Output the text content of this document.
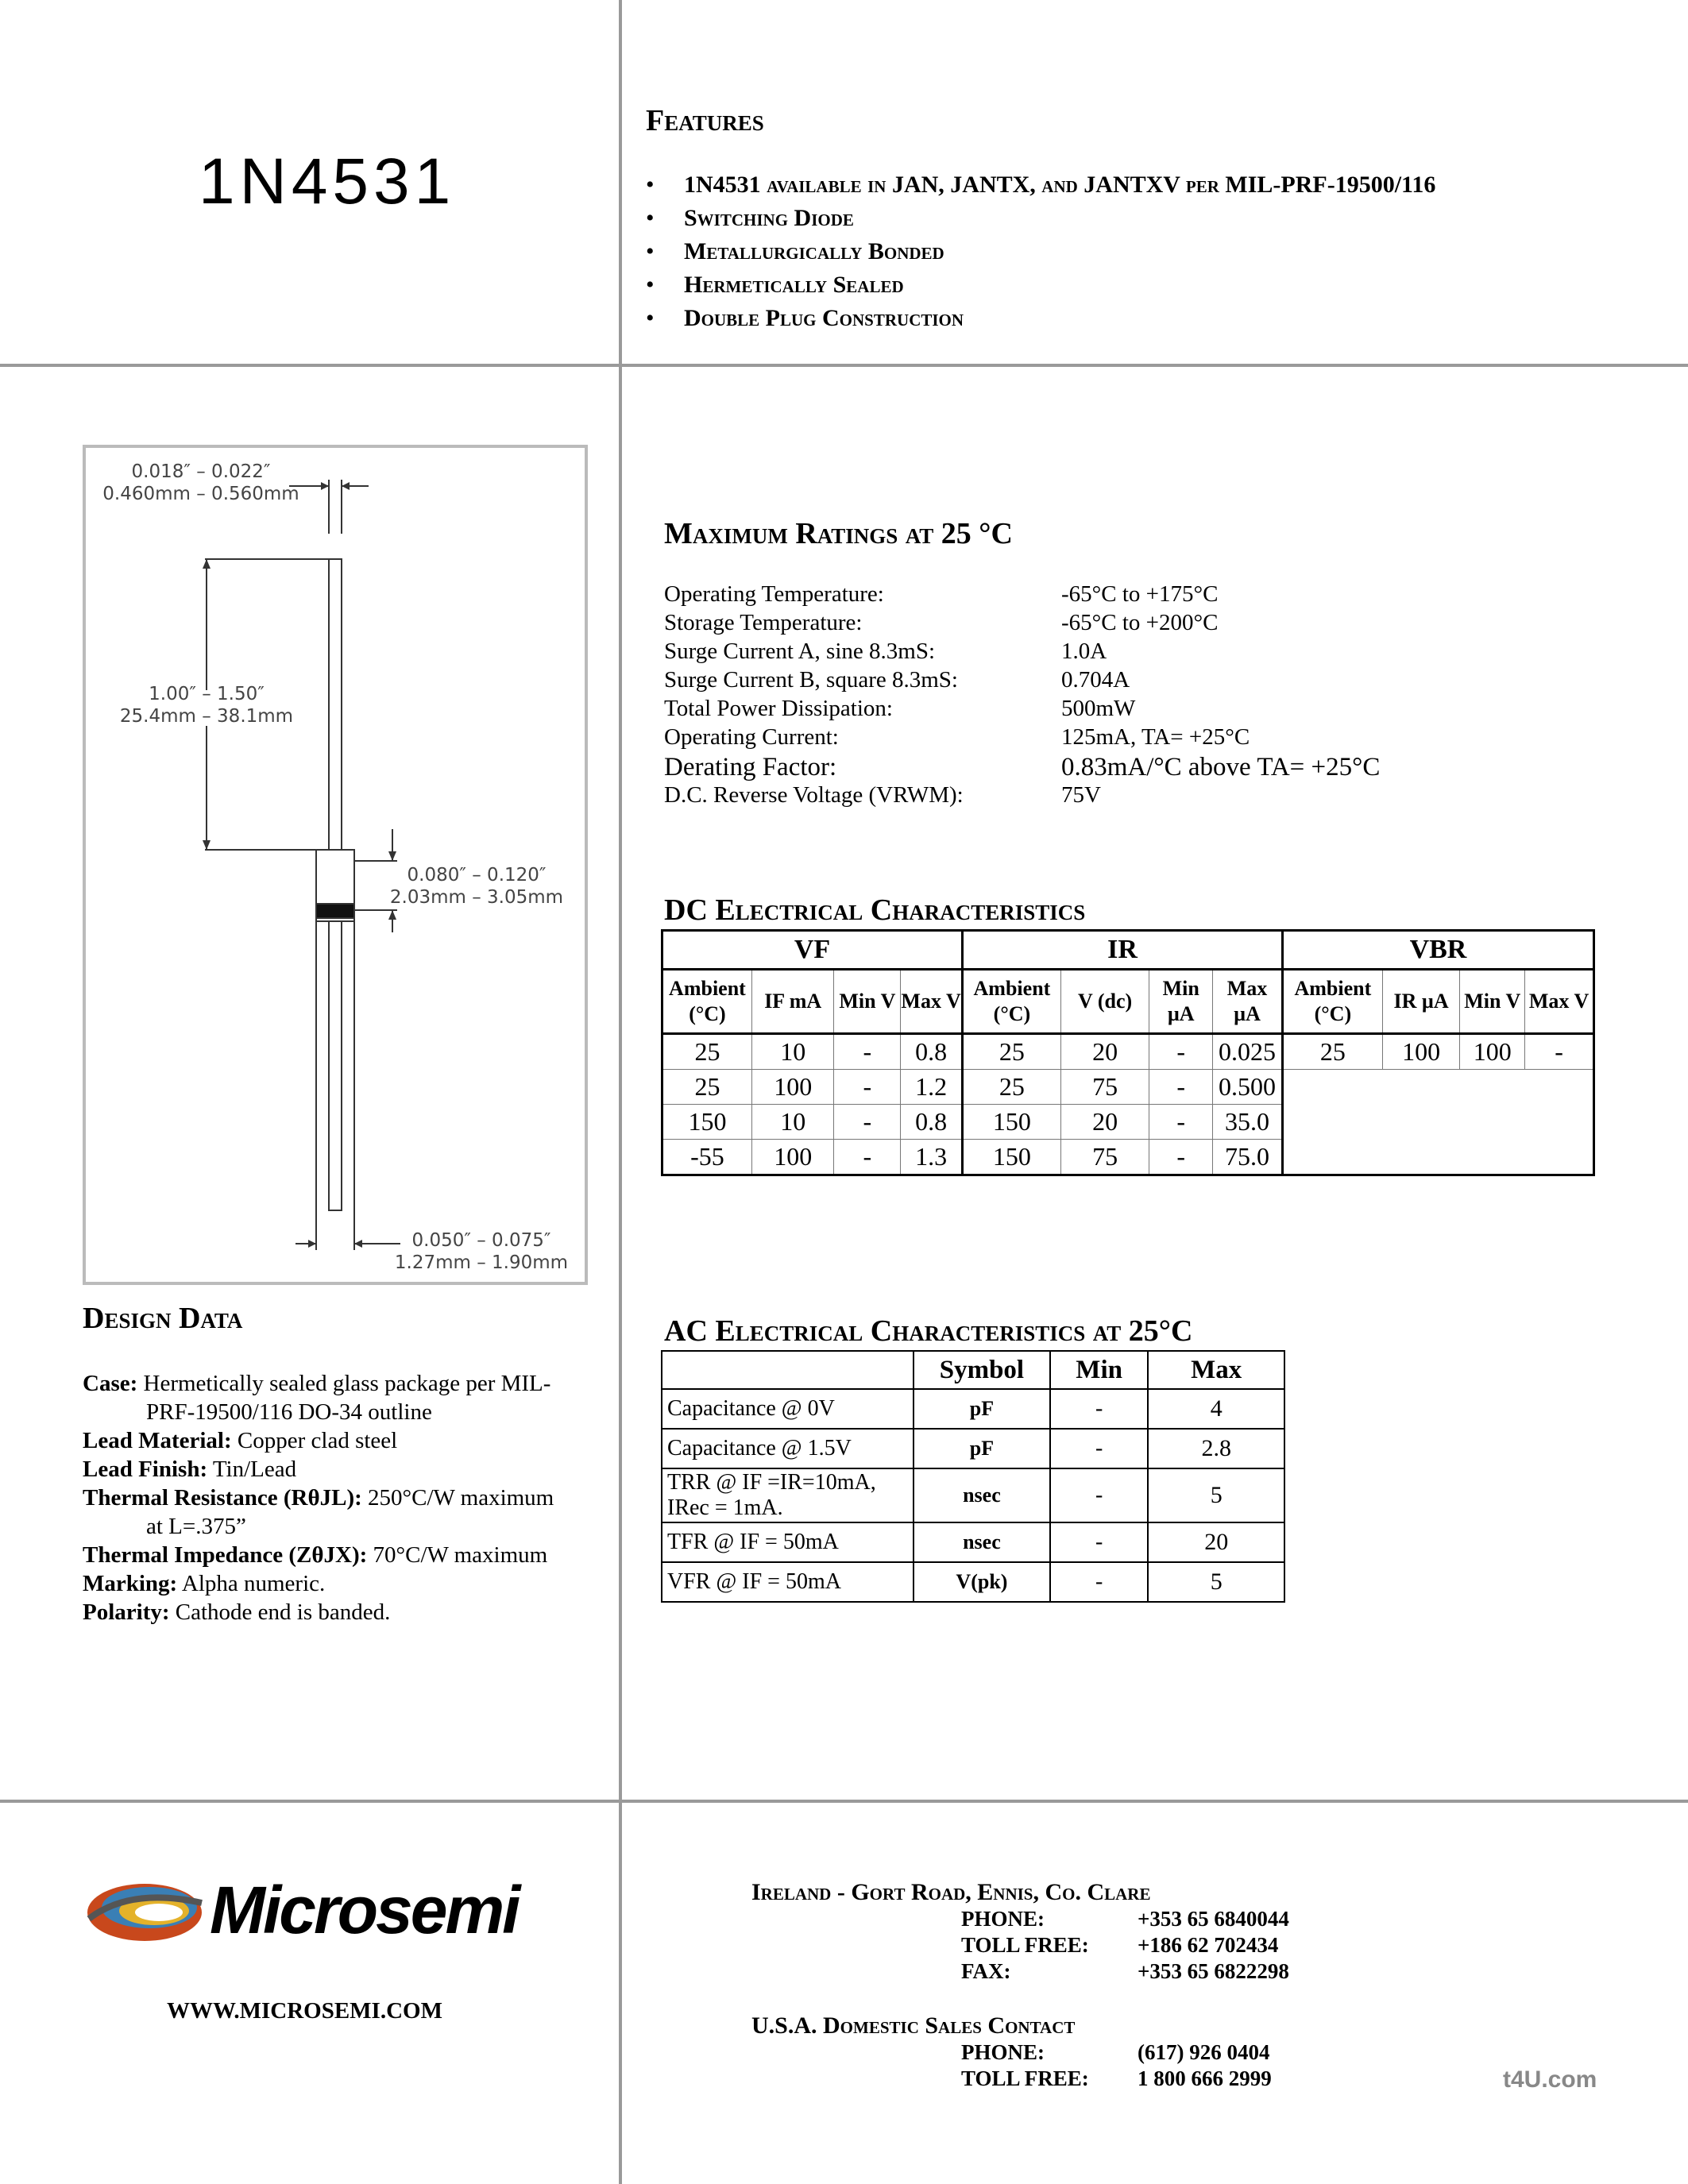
1N4531
Features
• 1N4531 available in JAN, JANTX, and JANTXV per MIL-PRF-19500/116
• Switching Diode
• Metallurgically Bonded
• Hermetically Sealed
• Double Plug Construction
0.018″ – 0.022″
0.460mm – 0.560mm
1.00″ – 1.50″
25.4mm – 38.1mm
0.080″ – 0.120″
2.03mm – 3.05mm
0.050″ – 0.075″
1.27mm – 1.90mm
Maximum Ratings at 25 °C
Operating Temperature:	-65°C to +175°C
Storage Temperature:	-65°C to +200°C
Surge Current A, sine 8.3mS:	1.0A
Surge Current B, square 8.3mS:	0.704A
Total Power Dissipation:	500mW
Operating Current:	125mA, TA= +25°C
Derating Factor:	0.83mA/°C above TA= +25°C
D.C. Reverse Voltage (VRWM):	75V
DC Electrical Characteristics
VF				IR				VBR			
Ambient (°C)	IF mA	Min V	Max V	Ambient (°C)	V (dc)	Min µA	Max µA	Ambient (°C)	IR µA	Min V	Max V
25	10	-	0.8	25	20	-	0.025	25	100	100	-
25	100	-	1.2	25	75	-	0.500				
150	10	-	0.8	150	20	-	35.0				
-55	100	-	1.3	150	75	-	75.0				
AC Electrical Characteristics at 25°C
	Symbol	Min	Max
Capacitance @ 0V	pF	-	4
Capacitance @ 1.5V	pF	-	2.8
TRR @ IF =IR=10mA, IRec = 1mA.	nsec	-	5
TFR @ IF = 50mA	nsec	-	20
VFR @ IF = 50mA	V(pk)	-	5
Design Data

Case: Hermetically sealed glass package per MIL-

PRF-19500/116 DO-34 outline

Lead Material: Copper clad steel

Lead Finish: Tin/Lead

Thermal Resistance (RθJL): 250°C/W maximum

at L=.375”

Thermal Impedance (ZθJX): 70°C/W maximum

Marking: Alpha numeric.

Polarity: Cathode end is banded.

Microsemi
WWW.MICROSEMI.COM
Ireland - Gort Road, Ennis, Co. Clare
PHONE:	+353 65 6840044
TOLL FREE:	+186 62 702434
FAX:	+353 65 6822298
U.S.A. Domestic Sales Contact
PHONE:	(617) 926 0404
TOLL FREE:	1 800 666 2999	t4U.com
